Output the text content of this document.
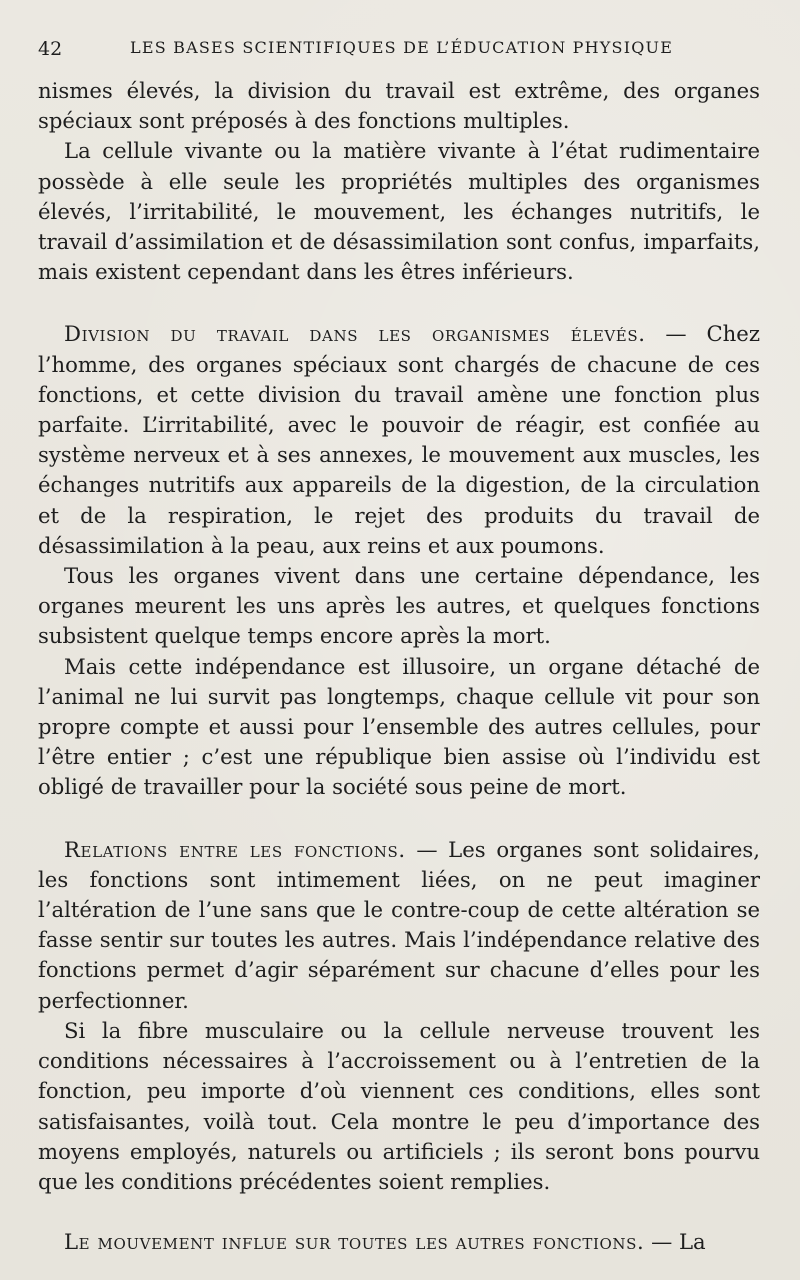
42	LES BASES SCIENTIFIQUES DE L’ÉDUCATION PHYSIQUE

nismes élevés, la division du travail est extrême, des organes spéciaux sont préposés à des fonctions multiples.

La cellule vivante ou la matière vivante à l’état rudimentaire possède à elle seule les propriétés multiples des organismes élevés, l’irritabilité, le mouvement, les échanges nutritifs, le travail d’assimilation et de désassimilation sont confus, imparfaits, mais existent cependant dans les êtres inférieurs.

Division du travail dans les organismes élevés. — Chez l’homme, des organes spéciaux sont chargés de chacune de ces fonctions, et cette division du travail amène une fonction plus parfaite. L’irritabilité, avec le pouvoir de réagir, est confiée au système nerveux et à ses annexes, le mouvement aux muscles, les échanges nutritifs aux appareils de la digestion, de la circulation et de la respiration, le rejet des produits du travail de désassimilation à la peau, aux reins et aux poumons.

Tous les organes vivent dans une certaine dépendance, les organes meurent les uns après les autres, et quelques fonctions subsistent quelque temps encore après la mort.

Mais cette indépendance est illusoire, un organe détaché de l’animal ne lui survit pas longtemps, chaque cellule vit pour son propre compte et aussi pour l’ensemble des autres cellules, pour l’être entier ; c’est une république bien assise où l’individu est obligé de travailler pour la société sous peine de mort.

Relations entre les fonctions. — Les organes sont solidaires, les fonctions sont intimement liées, on ne peut imaginer l’altération de l’une sans que le contre-coup de cette altération se fasse sentir sur toutes les autres. Mais l’indépendance relative des fonctions permet d’agir séparément sur chacune d’elles pour les perfectionner.

Si la fibre musculaire ou la cellule nerveuse trouvent les conditions nécessaires à l’accroissement ou à l’entretien de la fonction, peu importe d’où viennent ces conditions, elles sont satisfaisantes, voilà tout. Cela montre le peu d’importance des moyens employés, naturels ou artificiels ; ils seront bons pourvu que les conditions précédentes soient remplies.

Le mouvement influe sur toutes les autres fonctions. — La
